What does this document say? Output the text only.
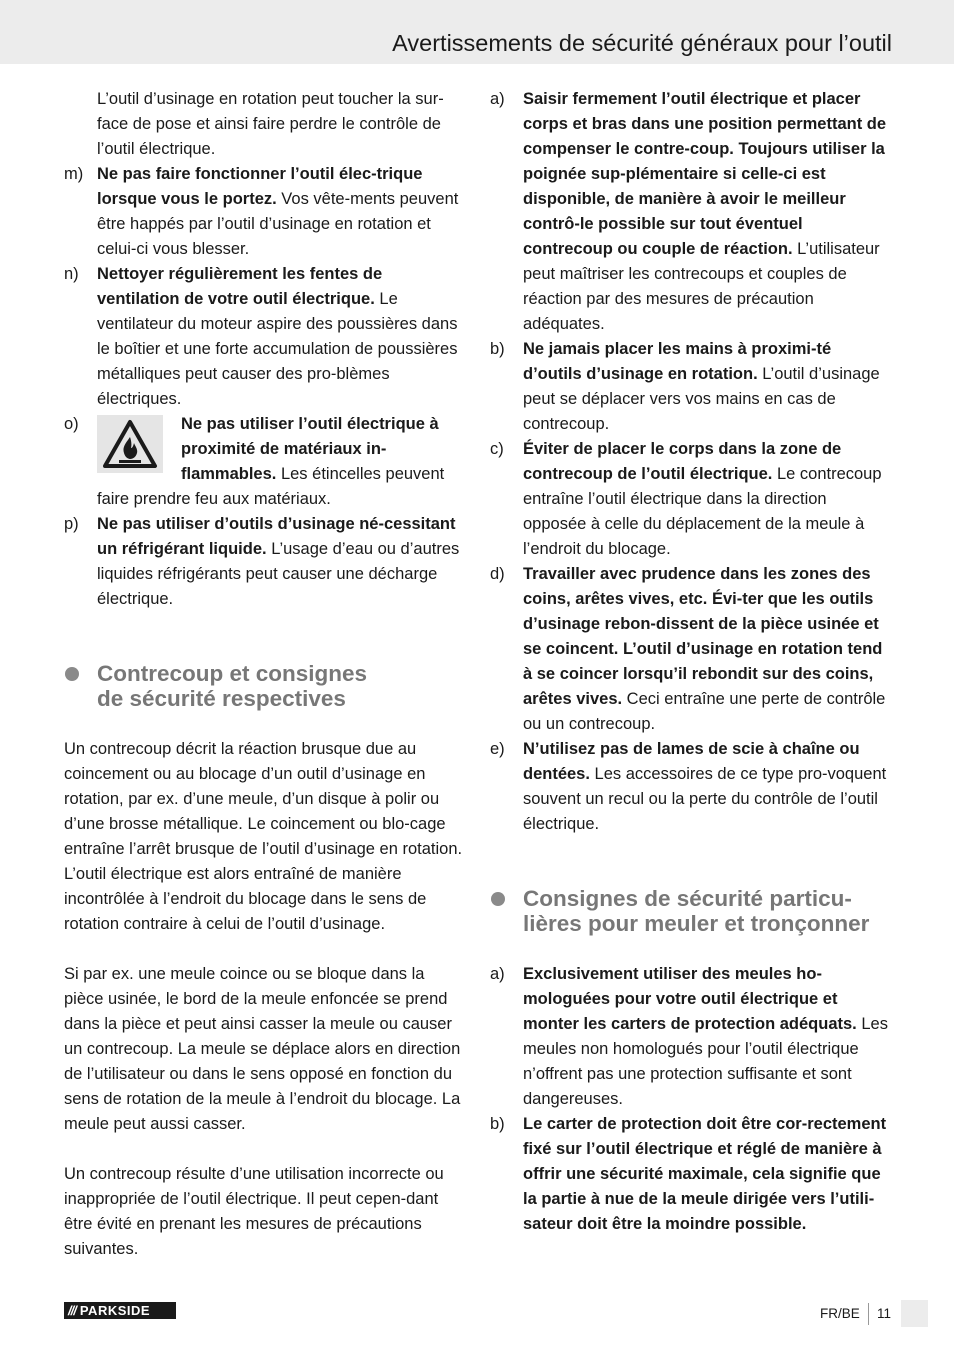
Avertissements de sécurité généraux pour l’outil
L’outil d’usinage en rotation peut toucher la sur-face de pose et ainsi faire perdre le contrôle de l’outil électrique.
m) Ne pas faire fonctionner l’outil élec-trique lorsque vous le portez. Vos vête-ments peuvent être happés par l’outil d’usinage en rotation et celui-ci vous blesser.
n) Nettoyer régulièrement les fentes de ventilation de votre outil électrique. Le ventilateur du moteur aspire des poussières dans le boîtier et une forte accumulation de poussières métalliques peut causer des pro-blèmes électriques.
o)	Ne pas utiliser l’outil électrique à proximité de matériaux in-flammables. Les étincelles peuvent faire prendre feu aux matériaux.
p) Ne pas utiliser d’outils d’usinage né-cessitant un réfrigérant liquide. L’usage d’eau ou d’autres liquides réfrigérants peut causer une décharge électrique.
Contrecoup et consignes de sécurité respectives

Un contrecoup décrit la réaction brusque due au coincement ou au blocage d’un outil d’usinage en rotation, par ex. d’une meule, d’un disque à polir ou d’une brosse métallique. Le coincement ou blo-cage entraîne l’arrêt brusque de l’outil d’usinage en rotation. L’outil électrique est alors entraîné de manière incontrôlée à l’endroit du blocage dans le sens de rotation contraire à celui de l’outil d’usinage.

Si par ex. une meule coince ou se bloque dans la pièce usinée, le bord de la meule enfoncée se prend dans la pièce et peut ainsi casser la meule ou causer un contrecoup. La meule se déplace alors en direction de l’utilisateur ou dans le sens opposé en fonction du sens de rotation de la meule à l’endroit du blocage. La meule peut aussi casser.

Un contrecoup résulte d’une utilisation incorrecte ou inappropriée de l’outil électrique. Il peut cepen-dant être évité en prenant les mesures de précautions suivantes.

a) Saisir fermement l’outil électrique et placer corps et bras dans une position permettant de compenser le contre-coup. Toujours utiliser la poignée sup-plémentaire si celle-ci est disponible, de manière à avoir le meilleur contrô-le possible sur tout éventuel contrecoup ou couple de réaction. L’utilisateur peut maîtriser les contrecoups et couples de réaction par des mesures de précaution adéquates.
b) Ne jamais placer les mains à proximi-té d’outils d’usinage en rotation. L’outil d’usinage peut se déplacer vers vos mains en cas de contrecoup.
c) Éviter de placer le corps dans la zone de contrecoup de l’outil électrique. Le contrecoup entraîne l’outil électrique dans la direction opposée à celle du déplacement de la meule à l’endroit du blocage.
d) Travailler avec prudence dans les zones des coins, arêtes vives, etc. Évi-ter que les outils d’usinage rebon-dissent de la pièce usinée et se coincent. L’outil d’usinage en rotation tend à se coincer lorsqu’il rebondit sur des coins, arêtes vives. Ceci entraîne une perte de contrôle ou un contrecoup.
e) N’utilisez pas de lames de scie à chaîne ou dentées. Les accessoires de ce type pro-voquent souvent un recul ou la perte du contrôle de l’outil électrique.
Consignes de sécurité particu-lières pour meuler et tronçonner
a) Exclusivement utiliser des meules ho-mologuées pour votre outil électrique et monter les carters de protection adéquats. Les meules non homologués pour l’outil électrique n’offrent pas une protection suffisante et sont dangereuses.
b) Le carter de protection doit être cor-rectement fixé sur l’outil électrique et réglé de manière à offrir une sécurité maximale, cela signifie que la partie à nue de la meule dirigée vers l’utili-sateur doit être la moindre possible.
/// PARKSIDE	FR/BE 11
